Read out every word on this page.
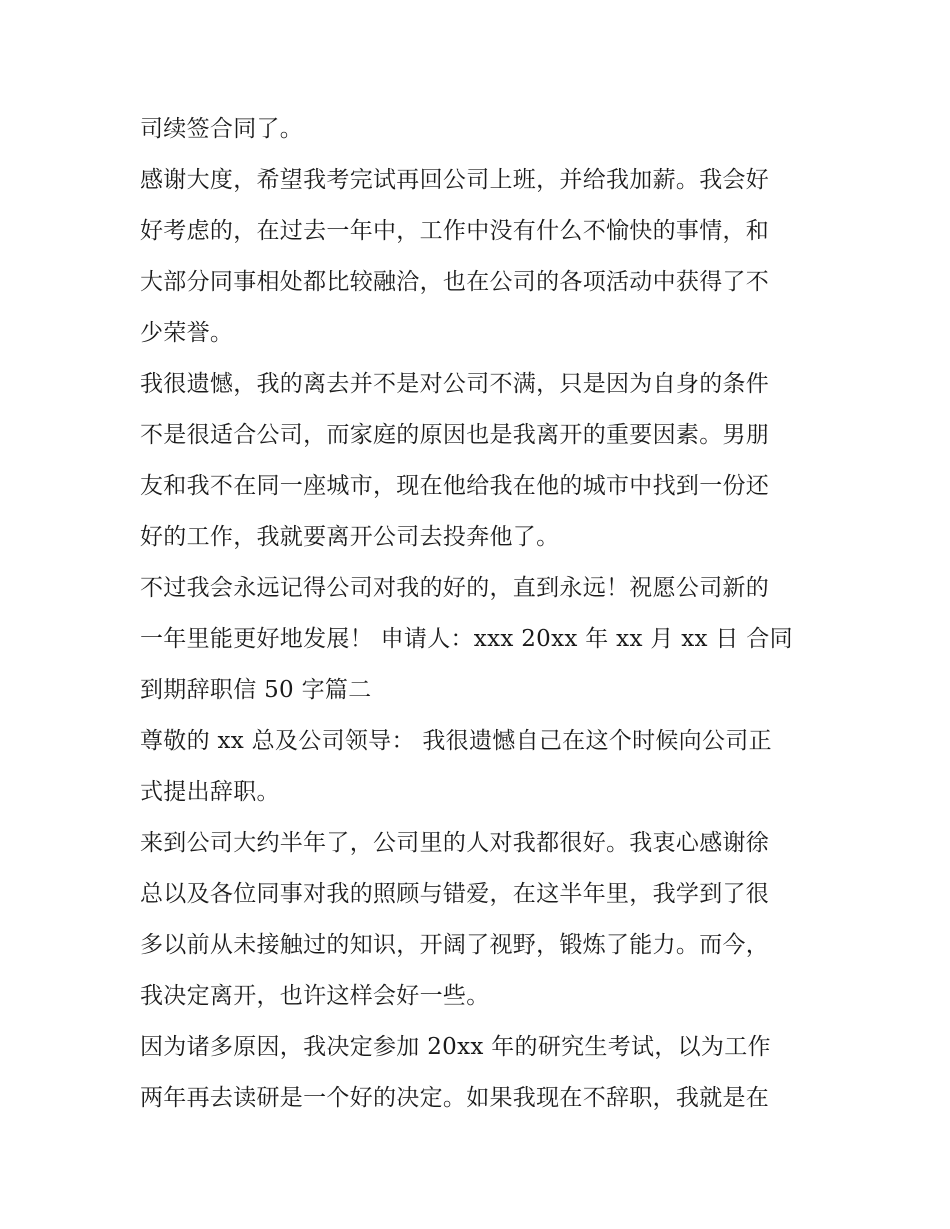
司续签合同了。
感谢大度，希望我考完试再回公司上班，并给我加薪。我会好
好考虑的，在过去一年中，工作中没有什么不愉快的事情，和
大部分同事相处都比较融洽，也在公司的各项活动中获得了不
少荣誉。
我很遗憾，我的离去并不是对公司不满，只是因为自身的条件
不是很适合公司，而家庭的原因也是我离开的重要因素。男朋
友和我不在同一座城市，现在他给我在他的城市中找到一份还
好的工作，我就要离开公司去投奔他了。
不过我会永远记得公司对我的好的，直到永远！祝愿公司新的
一年里能更好地发展！ 申请人：xxx 20xx 年 xx 月 xx 日 合同
到期辞职信 50 字篇二
尊敬的 xx 总及公司领导： 我很遗憾自己在这个时候向公司正
式提出辞职。
来到公司大约半年了，公司里的人对我都很好。我衷心感谢徐
总以及各位同事对我的照顾与错爱，在这半年里，我学到了很
多以前从未接触过的知识，开阔了视野，锻炼了能力。而今，
我决定离开，也许这样会好一些。
因为诸多原因，我决定参加 20xx 年的研究生考试，以为工作
两年再去读研是一个好的决定。如果我现在不辞职，我就是在
